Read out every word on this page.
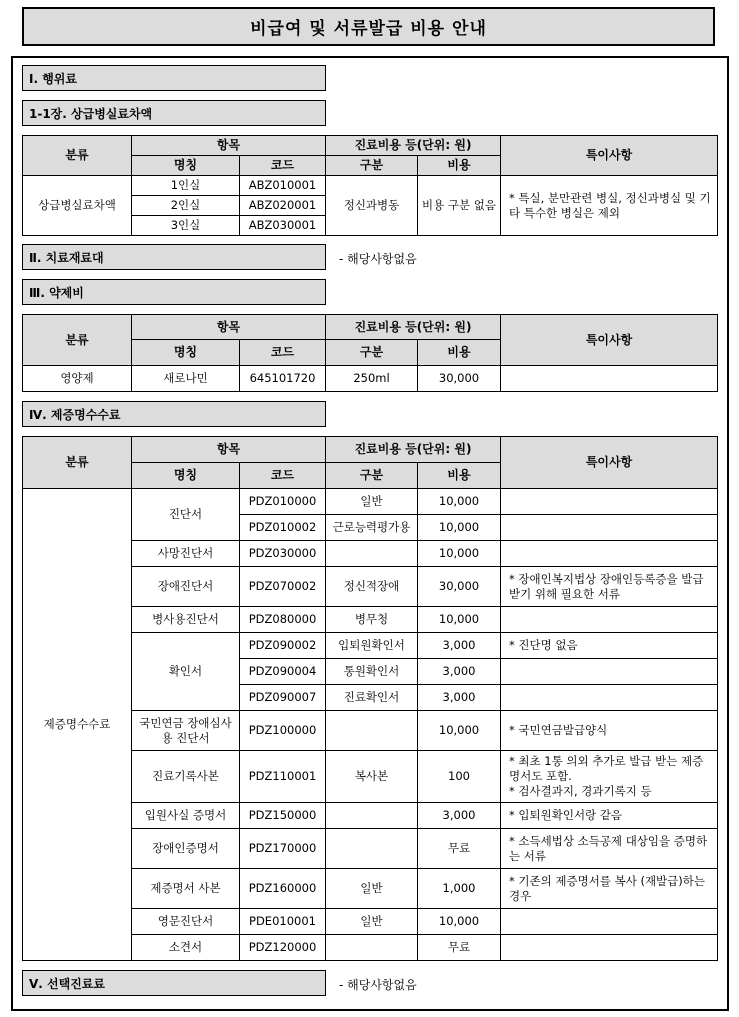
비급여 및 서류발급 비용 안내
Ⅰ. 행위료
1-1장. 상급병실료차액
분류	항목		진료비용 등(단위: 원)		특이사항
	명칭	코드	구분	비용	
상급병실료차액	1인실	ABZ010001	정신과병동	비용 구분 없음	* 특실, 분만관련 병실, 정신과병실 및 기타 특수한 병실은 제외
	2인실	ABZ020001			
	3인실	ABZ030001			
Ⅱ. 치료재료대	- 해당사항없음
Ⅲ. 약제비
분류	항목		진료비용 등(단위: 원)		특이사항
	명칭	코드	구분	비용	
영양제	새로나민	645101720	250ml	30,000	
Ⅳ. 제증명수수료
분류	항목		진료비용 등(단위: 원)		특이사항
	명칭	코드	구분	비용	
제증명수수료	진단서	PDZ010000	일반	10,000	
		PDZ010002	근로능력평가용	10,000	
	사망진단서	PDZ030000		10,000	
	장애진단서	PDZ070002	정신적장애	30,000	* 장애인복지법상 장애인등록증을 발급받기 위해 필요한 서류
	병사용진단서	PDZ080000	병무청	10,000	
	확인서	PDZ090002	입퇴원확인서	3,000	* 진단명 없음
		PDZ090004	통원확인서	3,000	
		PDZ090007	진료확인서	3,000	
	국민연금 장애심사용 진단서	PDZ100000		10,000	* 국민연금발급양식
	진료기록사본	PDZ110001	복사본	100	* 최초 1통 의외 추가로 발급 받는 제증명서도 포함.
* 검사결과지, 경과기록지 등

	입원사실 증명서	PDZ150000		3,000	* 입퇴원확인서랑 같음
	장애인증명서	PDZ170000		무료	* 소득세법상 소득공제 대상임을 증명하는 서류
	제증명서 사본	PDZ160000	일반	1,000	* 기존의 제증명서를 복사 (재발급)하는 경우
	영문진단서	PDE010001	일반	10,000	
	소견서	PDZ120000		무료	
Ⅴ. 선택진료료	- 해당사항없음
